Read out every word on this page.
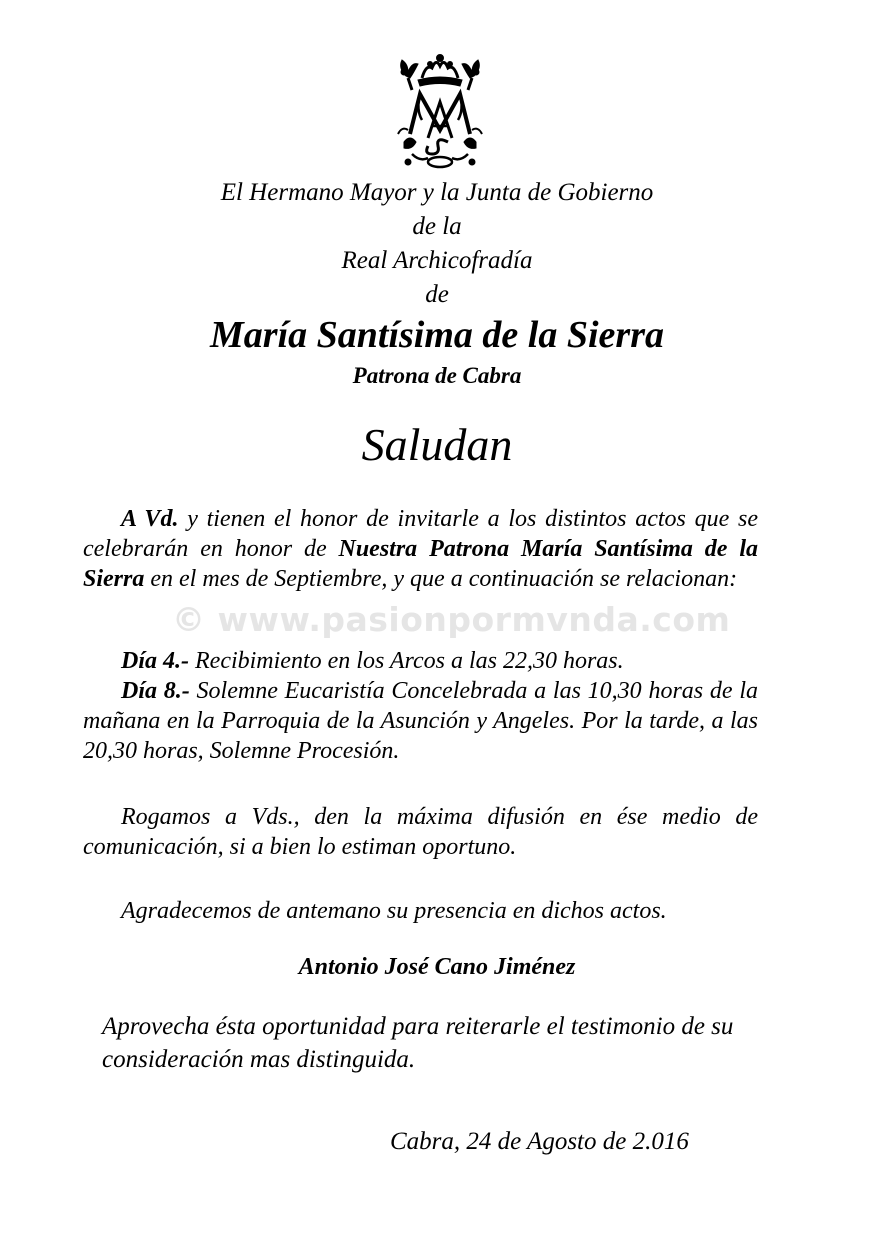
El Hermano Mayor y la Junta de Gobierno
de la
Real Archicofradía
de
María Santísima de la Sierra
Patrona de Cabra
Saludan
© www.pasionpormvnda.com

A Vd. y tienen el honor de invitarle a los distintos actos que se celebrarán en honor de Nuestra Patrona María Santísima de la Sierra en el mes de Septiembre, y que a continuación se relacionan:

Día 4.- Recibimiento en los Arcos a las 22,30 horas.

Día 8.- Solemne Eucaristía Concelebrada a las 10,30 horas de la mañana en la Parroquia de la Asunción y Angeles. Por la tarde, a las 20,30 horas, Solemne Procesión.

Rogamos a Vds., den la máxima difusión en ése medio de comunicación, si a bien lo estiman oportuno.

Agradecemos de antemano su presencia en dichos actos.

Antonio José Cano Jiménez
Aprovecha ésta oportunidad para reiterarle el testimonio de su consideración mas distinguida.
Cabra, 24 de Agosto de 2.016
